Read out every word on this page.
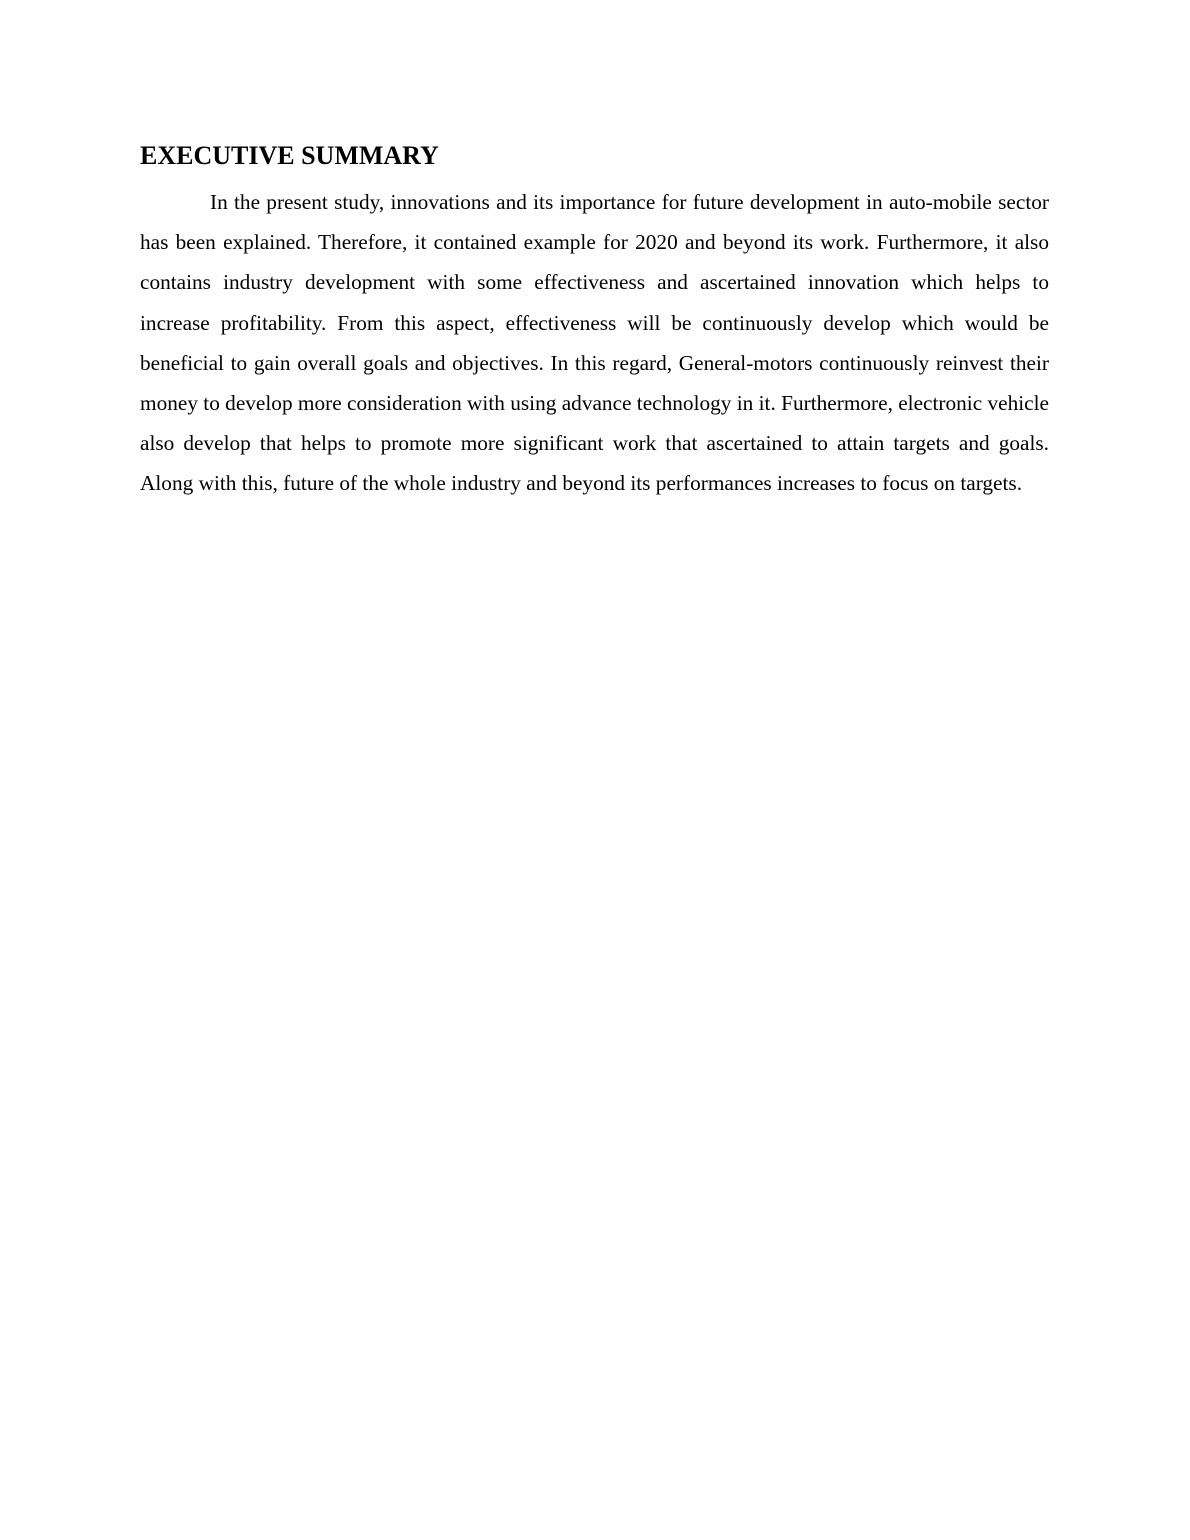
EXECUTIVE SUMMARY

In the present study, innovations and its importance for future development in auto-mobile sector has been explained. Therefore, it contained example for 2020 and beyond its work. Furthermore, it also contains industry development with some effectiveness and ascertained innovation which helps to increase profitability. From this aspect, effectiveness will be continuously develop which would be beneficial to gain overall goals and objectives. In this regard, General-motors continuously reinvest their money to develop more consideration with using advance technology in it. Furthermore, electronic vehicle also develop that helps to promote more significant work that ascertained to attain targets and goals. Along with this, future of the whole industry and beyond its performances increases to focus on targets.
